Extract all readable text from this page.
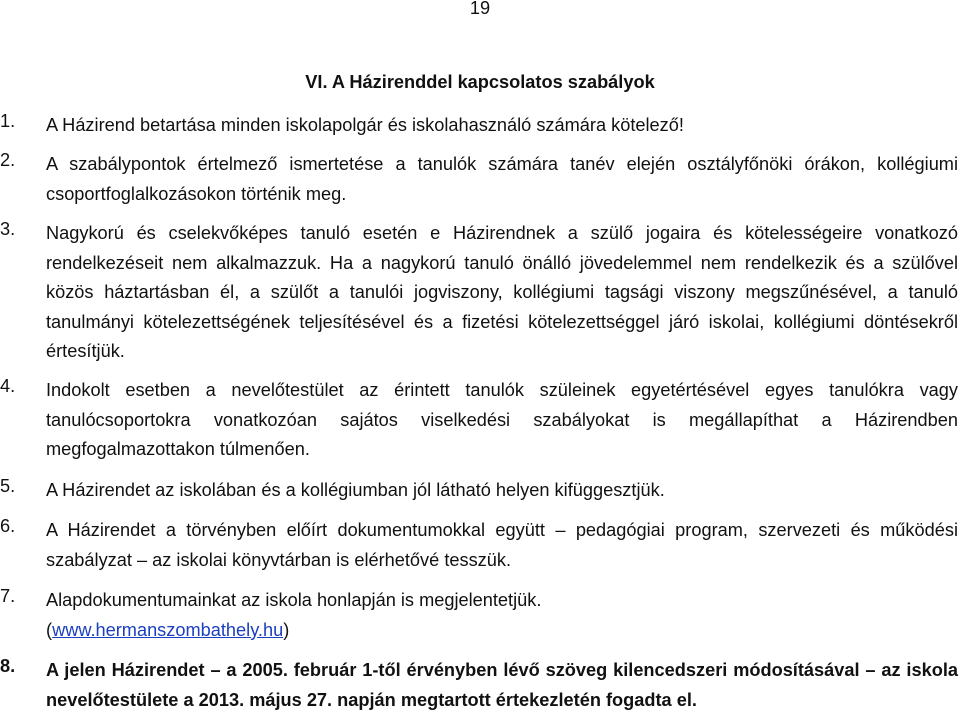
19
VI. A Házirenddel kapcsolatos szabályok
1.	A Házirend betartása minden iskolapolgár és iskolahasználó számára kötelező!
2.	A szabálypontok értelmező ismertetése a tanulók számára tanév elején osztályfőnöki órákon, kollégiumi csoportfoglalkozásokon történik meg.
3.	Nagykorú és cselekvőképes tanuló esetén e Házirendnek a szülő jogaira és kötelességeire vonatkozó rendelkezéseit nem alkalmazzuk. Ha a nagykorú tanuló önálló jövedelemmel nem rendelkezik és a szülővel közös háztartásban él, a szülőt a tanulói jogviszony, kollégiumi tagsági viszony megszűnésével, a tanuló tanulmányi kötelezettségének teljesítésével és a fizetési kötelezettséggel járó iskolai, kollégiumi döntésekről értesítjük.
4.	Indokolt esetben a nevelőtestület az érintett tanulók szüleinek egyetértésével egyes tanulókra vagy tanulócsoportokra vonatkozóan sajátos viselkedési szabályokat is megállapíthat a Házirendben megfogalmazottakon túlmenően.
5.	A Házirendet az iskolában és a kollégiumban jól látható helyen kifüggesztjük.
6.	A Házirendet a törvényben előírt dokumentumokkal együtt – pedagógiai program, szervezeti és működési szabályzat – az iskolai könyvtárban is elérhetővé tesszük.
7.	Alapdokumentumainkat az iskola honlapján is megjelentetjük.
(www.hermanszombathely.hu)
8.	A jelen Házirendet – a 2005. február 1-től érvényben lévő szöveg kilencedszeri módosításával – az iskola nevelőtestülete a 2013. május 27. napján megtartott értekezletén fogadta el.
